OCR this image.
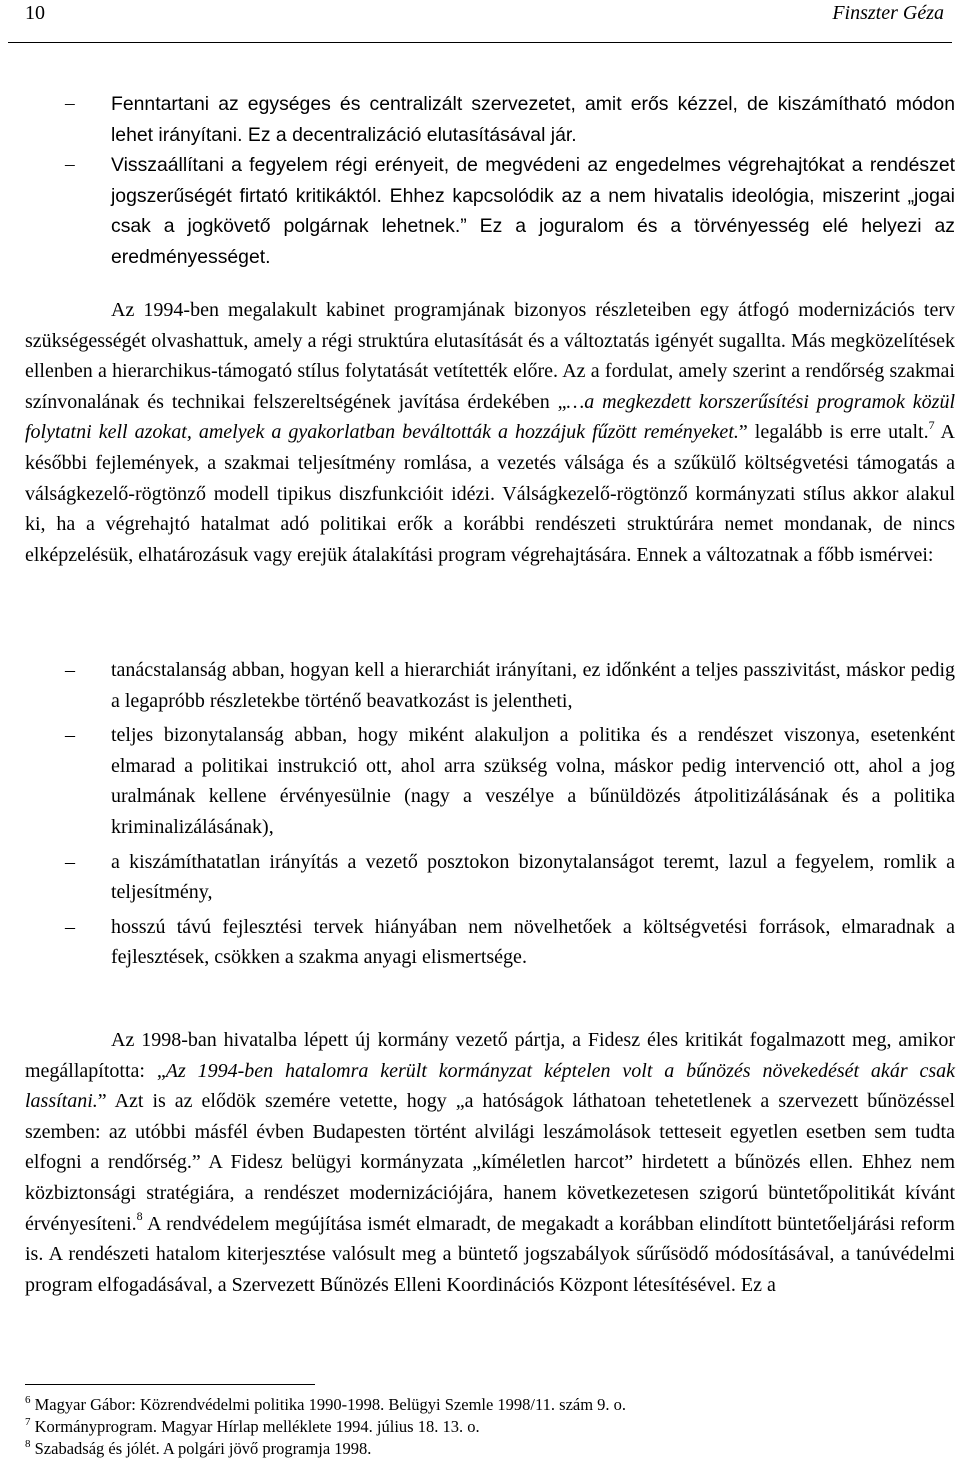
10	Finszter Géza
– Fenntartani az egységes és centralizált szervezetet, amit erős kézzel, de kiszámítható módon lehet irányítani. Ez a decentralizáció elutasításával jár.
– Visszaállítani a fegyelem régi erényeit, de megvédeni az engedelmes végrehajtókat a rendészet jogszerűségét firtató kritikáktól. Ehhez kapcsolódik az a nem hivatalis ideológia, miszerint „jogai csak a jogkövető polgárnak lehetnek.” Ez a joguralom és a törvényesség elé helyezi az eredményességet.

Az 1994-ben megalakult kabinet programjának bizonyos részleteiben egy átfogó modernizációs terv szükségességét olvashattuk, amely a régi struktúra elutasítását és a változtatás igényét sugallta. Más megközelítések ellenben a hierarchikus-támogató stílus folytatását vetítették előre. Az a fordulat, amely szerint a rendőrség szakmai színvonalának és technikai felszereltségének javítása érdekében „…a megkezdett korszerűsítési programok közül folytatni kell azokat, amelyek a gyakorlatban beváltották a hozzájuk fűzött reményeket.” legalább is erre utalt.$^7$ A későbbi fejlemények, a szakmai teljesítmény romlása, a vezetés válsága és a szűkülő költségvetési támogatás a válságkezelő-rögtönző modell tipikus diszfunkcióit idézi. Válságkezelő-rögtönző kormányzati stílus akkor alakul ki, ha a végrehajtó hatalmat adó politikai erők a korábbi rendészeti struktúrára nemet mondanak, de nincs elképzelésük, elhatározásuk vagy erejük átalakítási program végrehajtására. Ennek a változatnak a főbb ismérvei:

– tanácstalanság abban, hogyan kell a hierarchiát irányítani, ez időnként a teljes passzivitást, máskor pedig a legapróbb részletekbe történő beavatkozást is jelentheti,
– teljes bizonytalanság abban, hogy miként alakuljon a politika és a rendészet viszonya, esetenként elmarad a politikai instrukció ott, ahol arra szükség volna, máskor pedig intervenció ott, ahol a jog uralmának kellene érvényesülnie (nagy a veszélye a bűnüldözés átpolitizálásának és a politika kriminalizálásának),
– a kiszámíthatatlan irányítás a vezető posztokon bizonytalanságot teremt, lazul a fegyelem, romlik a teljesítmény,
– hosszú távú fejlesztési tervek hiányában nem növelhetőek a költségvetési források, elmaradnak a fejlesztések, csökken a szakma anyagi elismertsége.

Az 1998-ban hivatalba lépett új kormány vezető pártja, a Fidesz éles kritikát fogalmazott meg, amikor megállapította: „Az 1994-ben hatalomra került kormányzat képtelen volt a bűnözés növekedését akár csak lassítani.” Azt is az elődök szemére vetette, hogy „a hatóságok láthatoan tehetetlenek a szervezett bűnözéssel szemben: az utóbbi másfél évben Budapesten történt alvilági leszámolások tetteseit egyetlen esetben sem tudta elfogni a rendőrség.” A Fidesz belügyi kormányzata „kíméletlen harcot” hirdetett a bűnözés ellen. Ehhez nem közbiztonsági stratégiára, a rendészet modernizációjára, hanem következetesen szigorú büntetőpolitikát kívánt érvényesíteni.$^8$ A rendvédelem megújítása ismét elmaradt, de megakadt a korábban elindított büntetőeljárási reform is. A rendészeti hatalom kiterjesztése valósult meg a büntető jogszabályok sűrűsödő módosításával, a tanúvédelmi program elfogadásával, a Szervezett Bűnözés Elleni Koordinációs Központ létesítésével. Ez a

$^6$ Magyar Gábor: Közrendvédelmi politika 1990-1998. Belügyi Szemle 1998/11. szám 9. o.

$^7$ Kormányprogram. Magyar Hírlap melléklete 1994. július 18. 13. o.

$^8$ Szabadság és jólét. A polgári jövő programja 1998.
